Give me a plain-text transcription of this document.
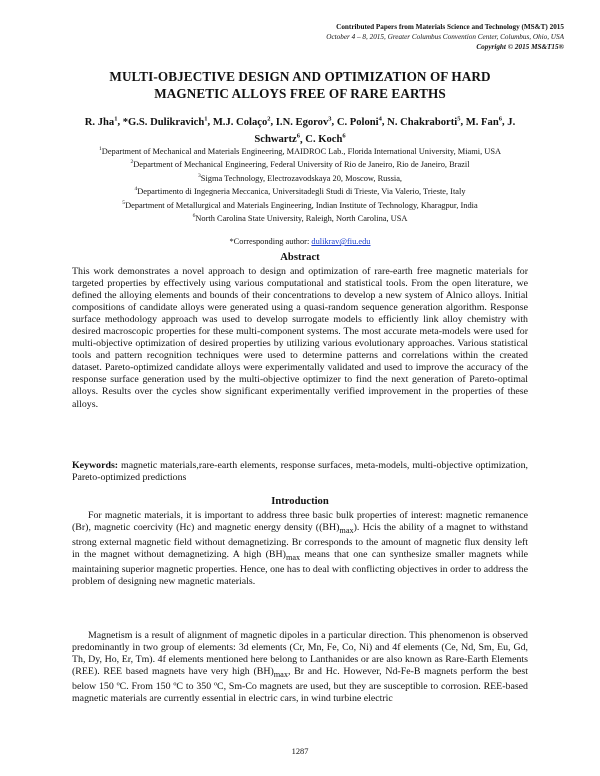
Contributed Papers from Materials Science and Technology (MS&T) 2015
October 4 – 8, 2015, Greater Columbus Convention Center, Columbus, Ohio, USA
Copyright © 2015 MS&T15®
MULTI-OBJECTIVE DESIGN AND OPTIMIZATION OF HARD MAGNETIC ALLOYS FREE OF RARE EARTHS
R. Jha$^1$, *G.S. Dulikravich$^1$, M.J. Colaço$^2$, I.N. Egorov$^3$, C. Poloni$^4$, N. Chakraborti$^5$, M. Fan$^6$, J. Schwartz$^6$, C. Koch$^6$
$^1$Department of Mechanical and Materials Engineering, MAIDROC Lab., Florida International University, Miami, USA
$^2$Department of Mechanical Engineering, Federal University of Rio de Janeiro, Rio de Janeiro, Brazil
$^3$Sigma Technology, Electrozavodskaya 20, Moscow, Russia,
$^4$Departimento di Ingegneria Meccanica, Universitadegli Studi di Trieste, Via Valerio, Trieste, Italy
$^5$Department of Metallurgical and Materials Engineering, Indian Institute of Technology, Kharagpur, India
$^6$North Carolina State University, Raleigh, North Carolina, USA
*Corresponding author: dulikrav@fiu.edu
Abstract
This work demonstrates a novel approach to design and optimization of rare-earth free magnetic materials for targeted properties by effectively using various computational and statistical tools. From the open literature, we defined the alloying elements and bounds of their concentrations to develop a new system of Alnico alloys. Initial compositions of candidate alloys were generated using a quasi-random sequence generation algorithm. Response surface methodology approach was used to develop surrogate models to efficiently link alloy chemistry with desired macroscopic properties for these multi-component systems. The most accurate meta-models were used for multi-objective optimization of desired properties by utilizing various evolutionary approaches. Various statistical tools and pattern recognition techniques were used to determine patterns and correlations within the created dataset. Pareto-optimized candidate alloys were experimentally validated and used to improve the accuracy of the response surface generation used by the multi-objective optimizer to find the next generation of Pareto-optimal alloys. Results over the cycles show significant experimentally verified improvement in the properties of these alloys.
Keywords: magnetic materials,rare-earth elements, response surfaces, meta-models, multi-objective optimization, Pareto-optimized predictions
Introduction
For magnetic materials, it is important to address three basic bulk properties of interest: magnetic remanence (Br), magnetic coercivity (Hc) and magnetic energy density $((BH)_{max})$. Hcis the ability of a magnet to withstand strong external magnetic field without demagnetizing. Br corresponds to the amount of magnetic flux density left in the magnet without demagnetizing. A high $(BH)_{max}$ means that one can synthesize smaller magnets while maintaining superior magnetic properties. Hence, one has to deal with conflicting objectives in order to address the problem of designing new magnetic materials.
Magnetism is a result of alignment of magnetic dipoles in a particular direction. This phenomenon is observed predominantly in two group of elements: 3d elements (Cr, Mn, Fe, Co, Ni) and 4f elements (Ce, Nd, Sm, Eu, Gd, Th, Dy, Ho, Er, Tm). 4f elements mentioned here belong to Lanthanides or are also known as Rare-Earth Elements (REE). REE based magnets have very high $(BH)_{max}$, Br and Hc. However, Nd-Fe-B magnets perform the best below 150 ºC. From 150 ºC to 350 ºC, Sm-Co magnets are used, but they are susceptible to corrosion. REE-based magnetic materials are currently essential in electric cars, in wind turbine electric
1287
